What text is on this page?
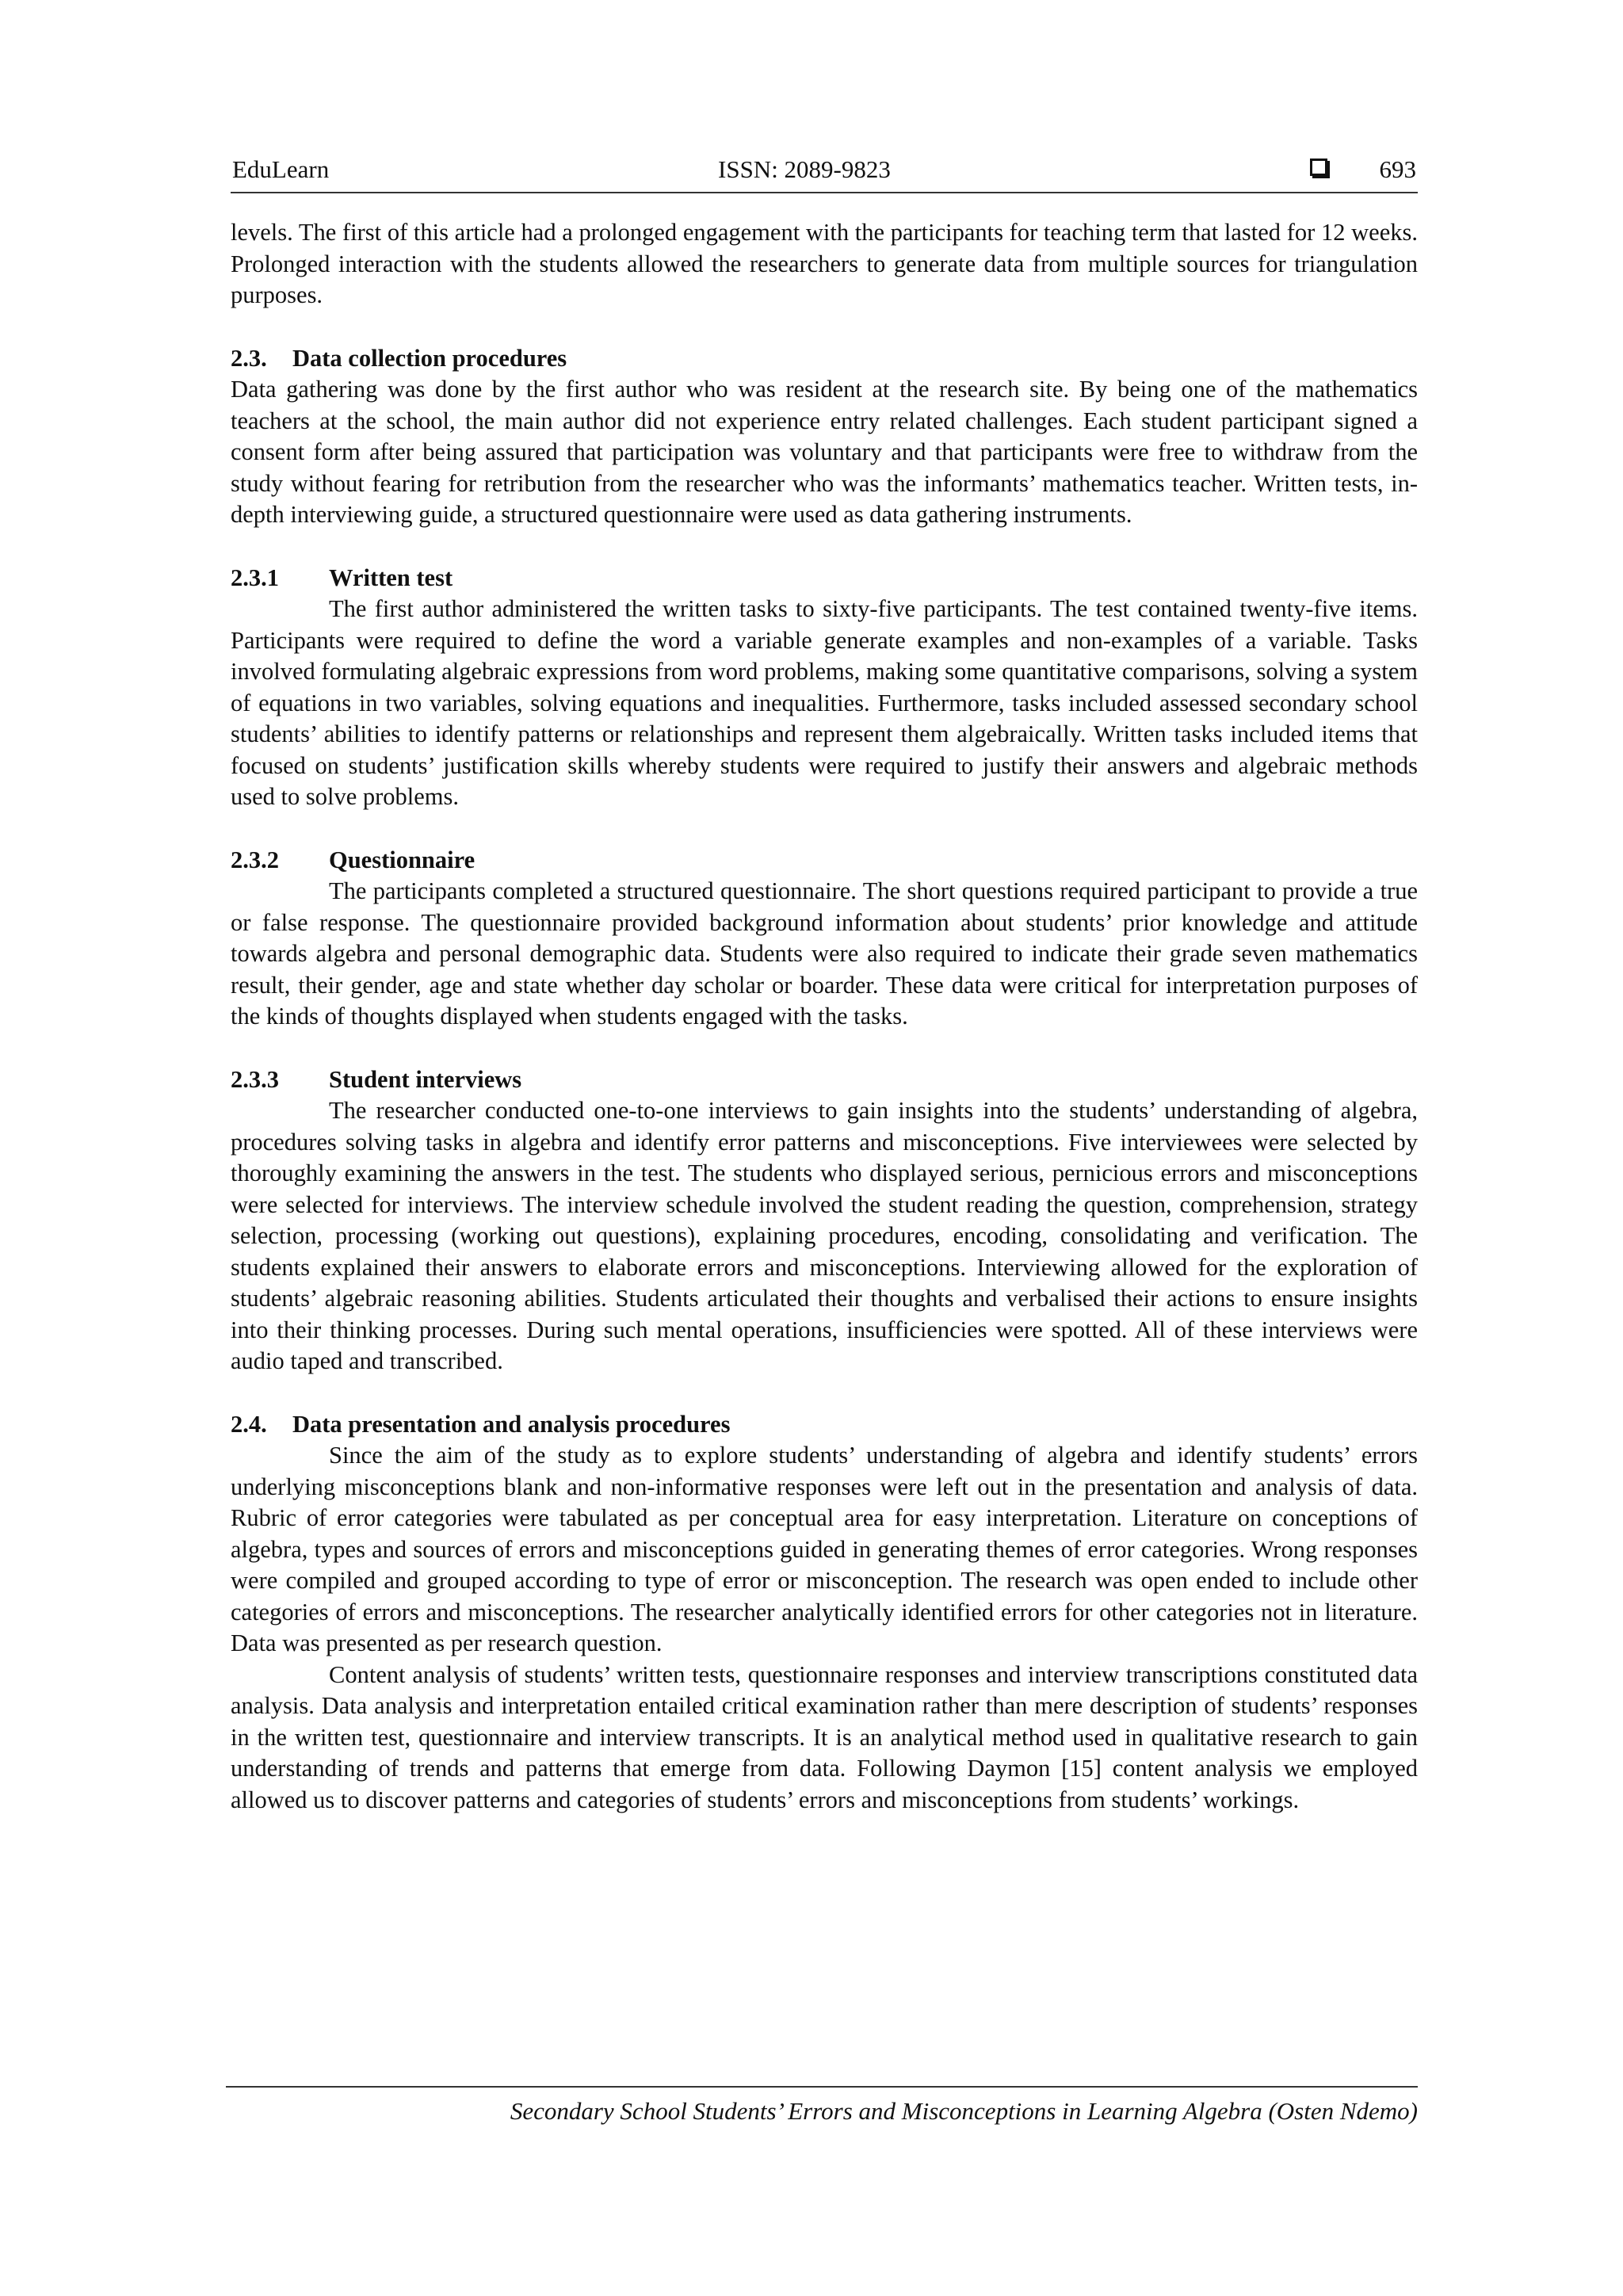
EduLearn	ISSN: 2089-9823	693

levels. The first of this article had a prolonged engagement with the participants for teaching term that lasted for 12 weeks. Prolonged interaction with the students allowed the researchers to generate data from multiple sources for triangulation purposes.

2.3. Data collection procedures

Data gathering was done by the first author who was resident at the research site. By being one of the mathematics teachers at the school, the main author did not experience entry related challenges. Each student participant signed a consent form after being assured that participation was voluntary and that participants were free to withdraw from the study without fearing for retribution from the researcher who was the informants’ mathematics teacher. Written tests, in-depth interviewing guide, a structured questionnaire were used as data gathering instruments.

2.3.1 Written test

The first author administered the written tasks to sixty-five participants. The test contained twenty-five items. Participants were required to define the word a variable generate examples and non-examples of a variable. Tasks involved formulating algebraic expressions from word problems, making some quantitative comparisons, solving a system of equations in two variables, solving equations and inequalities. Furthermore, tasks included assessed secondary school students’ abilities to identify patterns or relationships and represent them algebraically. Written tasks included items that focused on students’ justification skills whereby students were required to justify their answers and algebraic methods used to solve problems.

2.3.2 Questionnaire

The participants completed a structured questionnaire. The short questions required participant to provide a true or false response. The questionnaire provided background information about students’ prior knowledge and attitude towards algebra and personal demographic data. Students were also required to indicate their grade seven mathematics result, their gender, age and state whether day scholar or boarder. These data were critical for interpretation purposes of the kinds of thoughts displayed when students engaged with the tasks.

2.3.3 Student interviews

The researcher conducted one-to-one interviews to gain insights into the students’ understanding of algebra, procedures solving tasks in algebra and identify error patterns and misconceptions. Five interviewees were selected by thoroughly examining the answers in the test. The students who displayed serious, pernicious errors and misconceptions were selected for interviews. The interview schedule involved the student reading the question, comprehension, strategy selection, processing (working out questions), explaining procedures, encoding, consolidating and verification. The students explained their answers to elaborate errors and misconceptions. Interviewing allowed for the exploration of students’ algebraic reasoning abilities. Students articulated their thoughts and verbalised their actions to ensure insights into their thinking processes. During such mental operations, insufficiencies were spotted. All of these interviews were audio taped and transcribed.

2.4. Data presentation and analysis procedures

Since the aim of the study as to explore students’ understanding of algebra and identify students’ errors underlying misconceptions blank and non-informative responses were left out in the presentation and analysis of data. Rubric of error categories were tabulated as per conceptual area for easy interpretation. Literature on conceptions of algebra, types and sources of errors and misconceptions guided in generating themes of error categories. Wrong responses were compiled and grouped according to type of error or misconception. The research was open ended to include other categories of errors and misconceptions. The researcher analytically identified errors for other categories not in literature. Data was presented as per research question.

Content analysis of students’ written tests, questionnaire responses and interview transcriptions constituted data analysis. Data analysis and interpretation entailed critical examination rather than mere description of students’ responses in the written test, questionnaire and interview transcripts. It is an analytical method used in qualitative research to gain understanding of trends and patterns that emerge from data. Following Daymon [15] content analysis we employed allowed us to discover patterns and categories of students’ errors and misconceptions from students’ workings.

Secondary School Students’ Errors and Misconceptions in Learning Algebra (Osten Ndemo)
